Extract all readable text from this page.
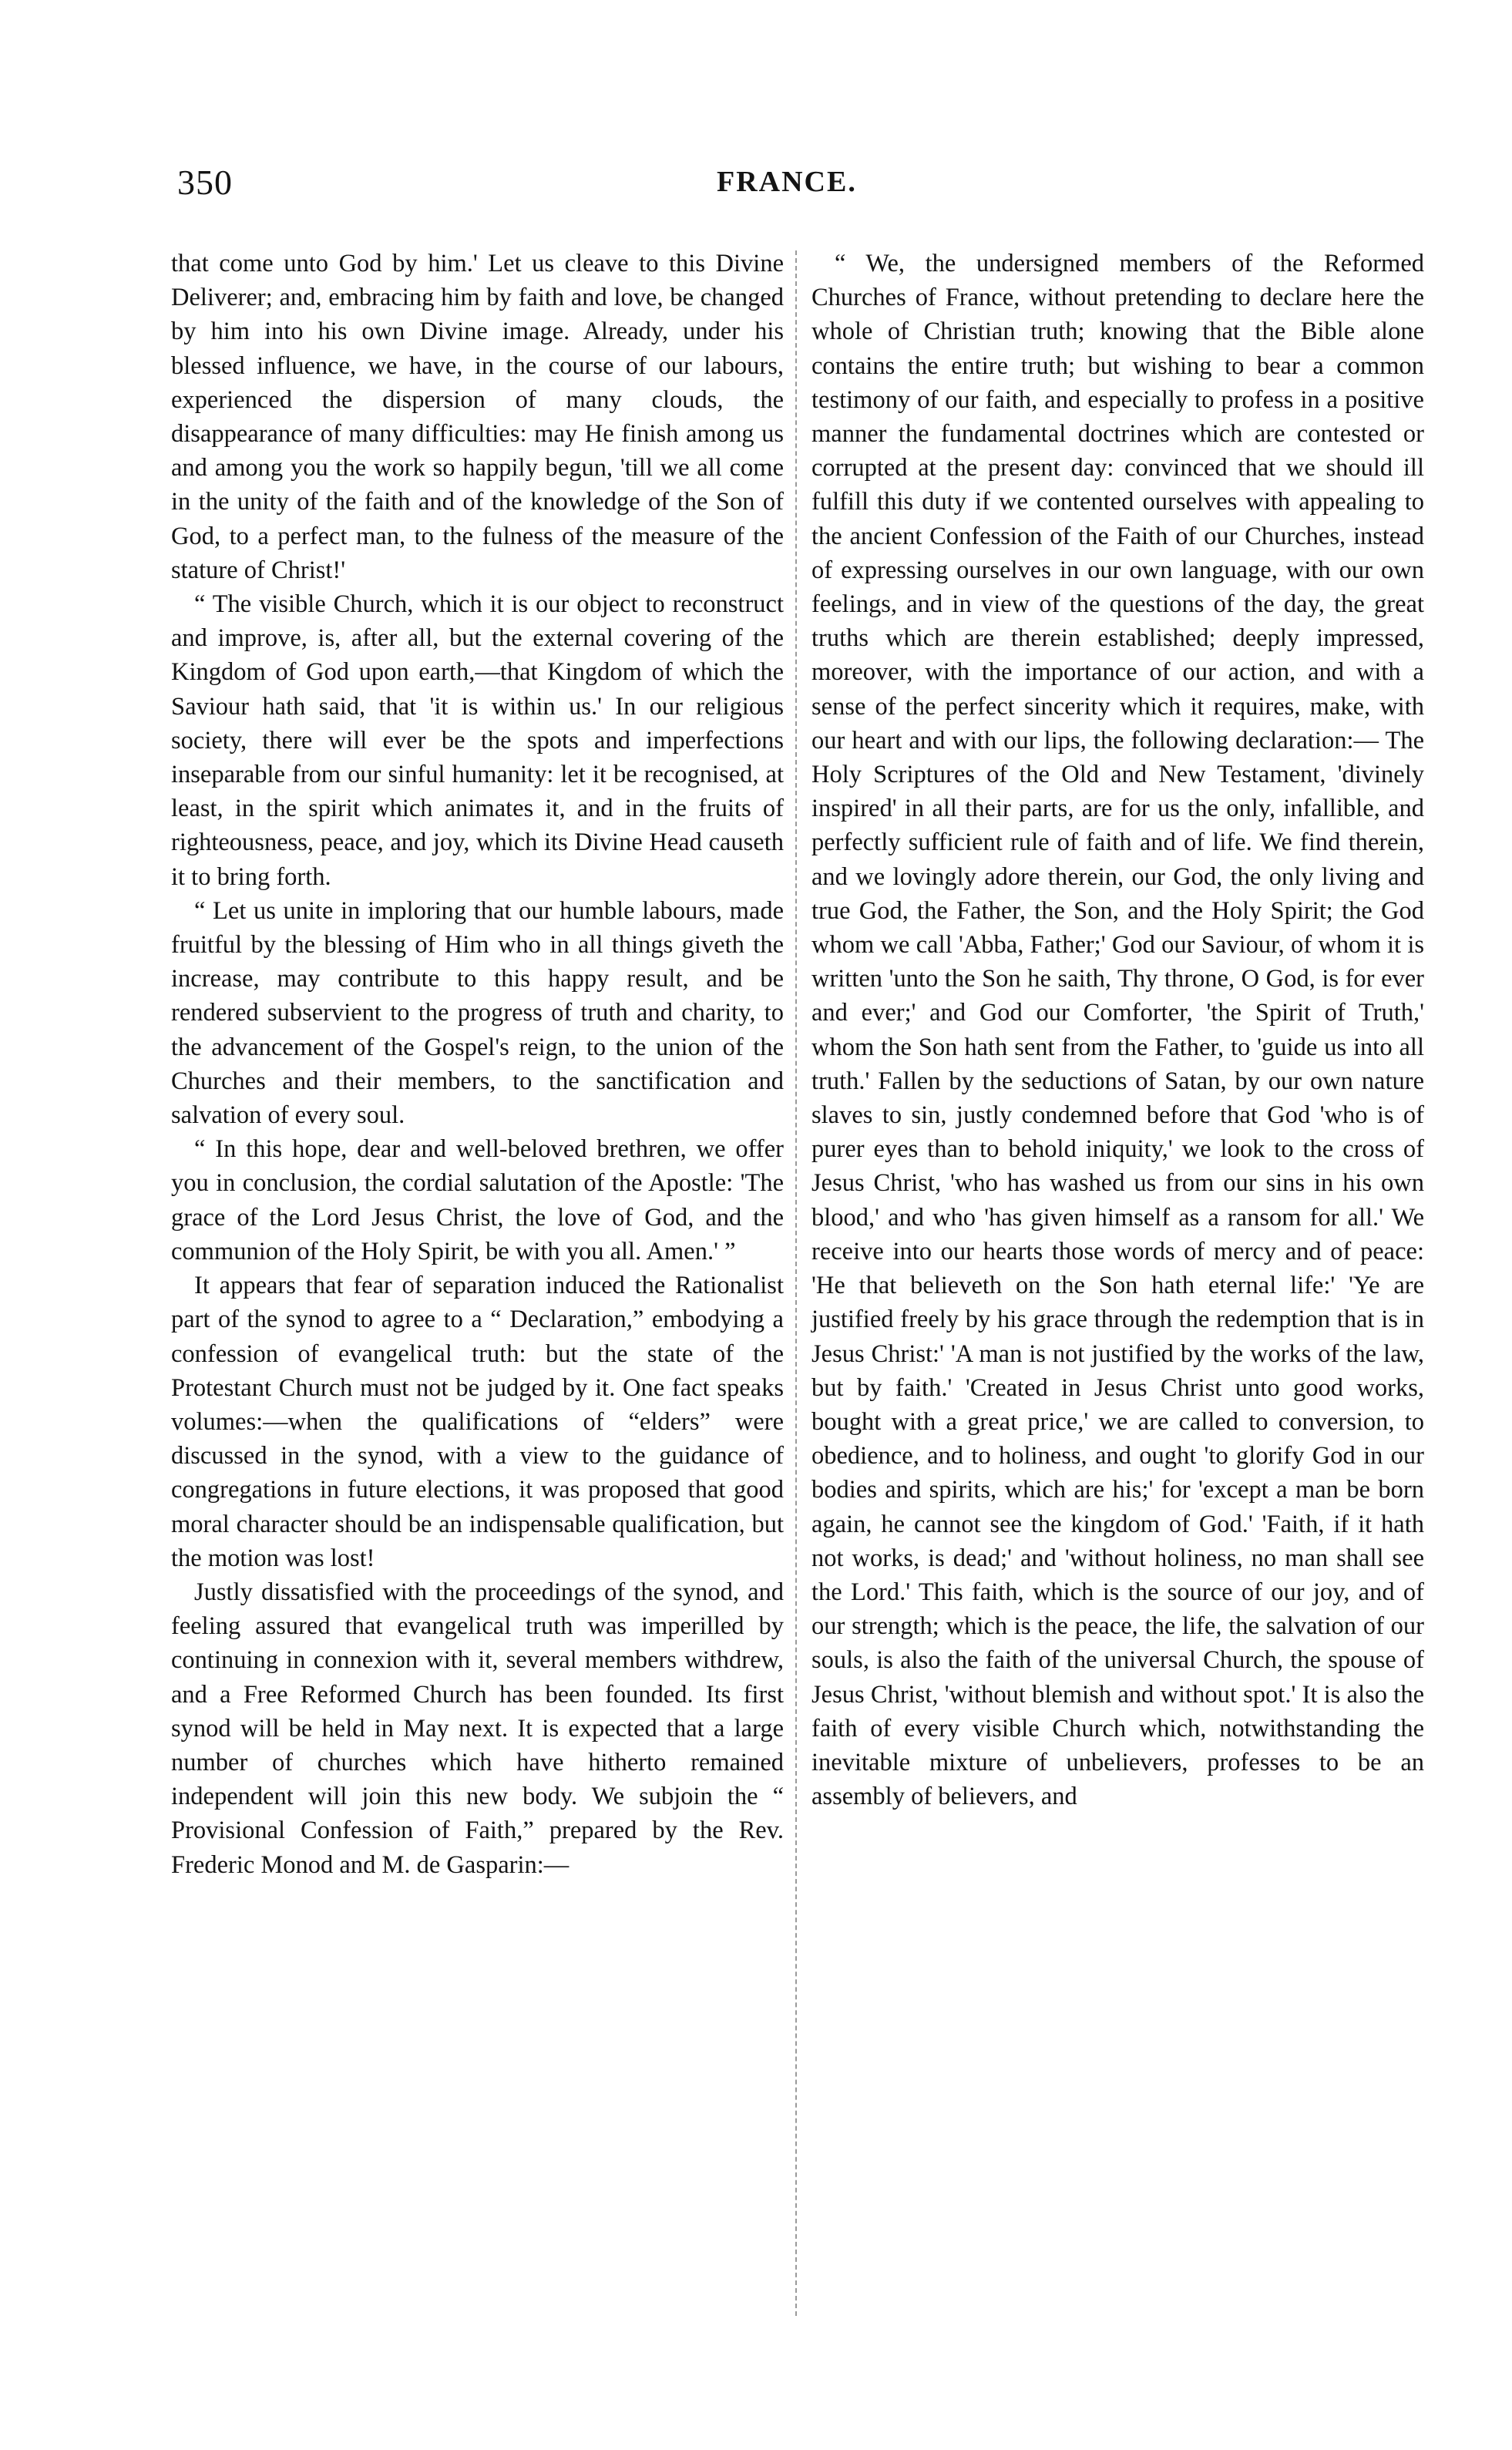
350	FRANCE.

that come unto God by him.' Let us cleave to this Divine Deliverer; and, embracing him by faith and love, be changed by him into his own Divine image. Already, under his blessed influence, we have, in the course of our labours, experienced the dispersion of many clouds, the disappearance of many difficulties: may He finish among us and among you the work so happily begun, 'till we all come in the unity of the faith and of the knowledge of the Son of God, to a perfect man, to the fulness of the measure of the stature of Christ!'

“ The visible Church, which it is our object to reconstruct and improve, is, after all, but the external covering of the Kingdom of God upon earth,—that Kingdom of which the Saviour hath said, that 'it is within us.' In our religious society, there will ever be the spots and imperfections inseparable from our sinful humanity: let it be recognised, at least, in the spirit which animates it, and in the fruits of righteousness, peace, and joy, which its Divine Head causeth it to bring forth.

“ Let us unite in imploring that our humble labours, made fruitful by the blessing of Him who in all things giveth the increase, may contribute to this happy result, and be rendered subservient to the progress of truth and charity, to the advancement of the Gospel's reign, to the union of the Churches and their members, to the sanctification and salvation of every soul.

“ In this hope, dear and well-beloved brethren, we offer you in conclusion, the cordial salutation of the Apostle: 'The grace of the Lord Jesus Christ, the love of God, and the communion of the Holy Spirit, be with you all. Amen.' ”

It appears that fear of separation induced the Rationalist part of the synod to agree to a “ Declaration,” embodying a confession of evangelical truth: but the state of the Protestant Church must not be judged by it. One fact speaks volumes:—when the qualifications of “elders” were discussed in the synod, with a view to the guidance of congregations in future elections, it was proposed that good moral character should be an indispensable qualification, but the motion was lost!

Justly dissatisfied with the proceedings of the synod, and feeling assured that evangelical truth was imperilled by continuing in connexion with it, several members withdrew, and a Free Reformed Church has been founded. Its first synod will be held in May next. It is expected that a large number of churches which have hitherto remained independent will join this new body. We subjoin the “ Provisional Confession of Faith,” prepared by the Rev. Frederic Monod and M. de Gasparin:—

“ We, the undersigned members of the Reformed Churches of France, without pretending to declare here the whole of Christian truth; knowing that the Bible alone contains the entire truth; but wishing to bear a common testimony of our faith, and especially to profess in a positive manner the fundamental doctrines which are contested or corrupted at the present day: convinced that we should ill fulfill this duty if we contented ourselves with appealing to the ancient Confession of the Faith of our Churches, instead of expressing ourselves in our own language, with our own feelings, and in view of the questions of the day, the great truths which are therein established; deeply impressed, moreover, with the importance of our action, and with a sense of the perfect sincerity which it requires, make, with our heart and with our lips, the following declaration:— The Holy Scriptures of the Old and New Testament, 'divinely inspired' in all their parts, are for us the only, infallible, and perfectly sufficient rule of faith and of life. We find therein, and we lovingly adore therein, our God, the only living and true God, the Father, the Son, and the Holy Spirit; the God whom we call 'Abba, Father;' God our Saviour, of whom it is written 'unto the Son he saith, Thy throne, O God, is for ever and ever;' and God our Comforter, 'the Spirit of Truth,' whom the Son hath sent from the Father, to 'guide us into all truth.' Fallen by the seductions of Satan, by our own nature slaves to sin, justly condemned before that God 'who is of purer eyes than to behold iniquity,' we look to the cross of Jesus Christ, 'who has washed us from our sins in his own blood,' and who 'has given himself as a ransom for all.' We receive into our hearts those words of mercy and of peace: 'He that believeth on the Son hath eternal life:' 'Ye are justified freely by his grace through the redemption that is in Jesus Christ:' 'A man is not justified by the works of the law, but by faith.' 'Created in Jesus Christ unto good works, bought with a great price,' we are called to conversion, to obedience, and to holiness, and ought 'to glorify God in our bodies and spirits, which are his;' for 'except a man be born again, he cannot see the kingdom of God.' 'Faith, if it hath not works, is dead;' and 'without holiness, no man shall see the Lord.' This faith, which is the source of our joy, and of our strength; which is the peace, the life, the salvation of our souls, is also the faith of the universal Church, the spouse of Jesus Christ, 'without blemish and without spot.' It is also the faith of every visible Church which, notwithstanding the inevitable mixture of unbelievers, professes to be an assembly of believers, and
